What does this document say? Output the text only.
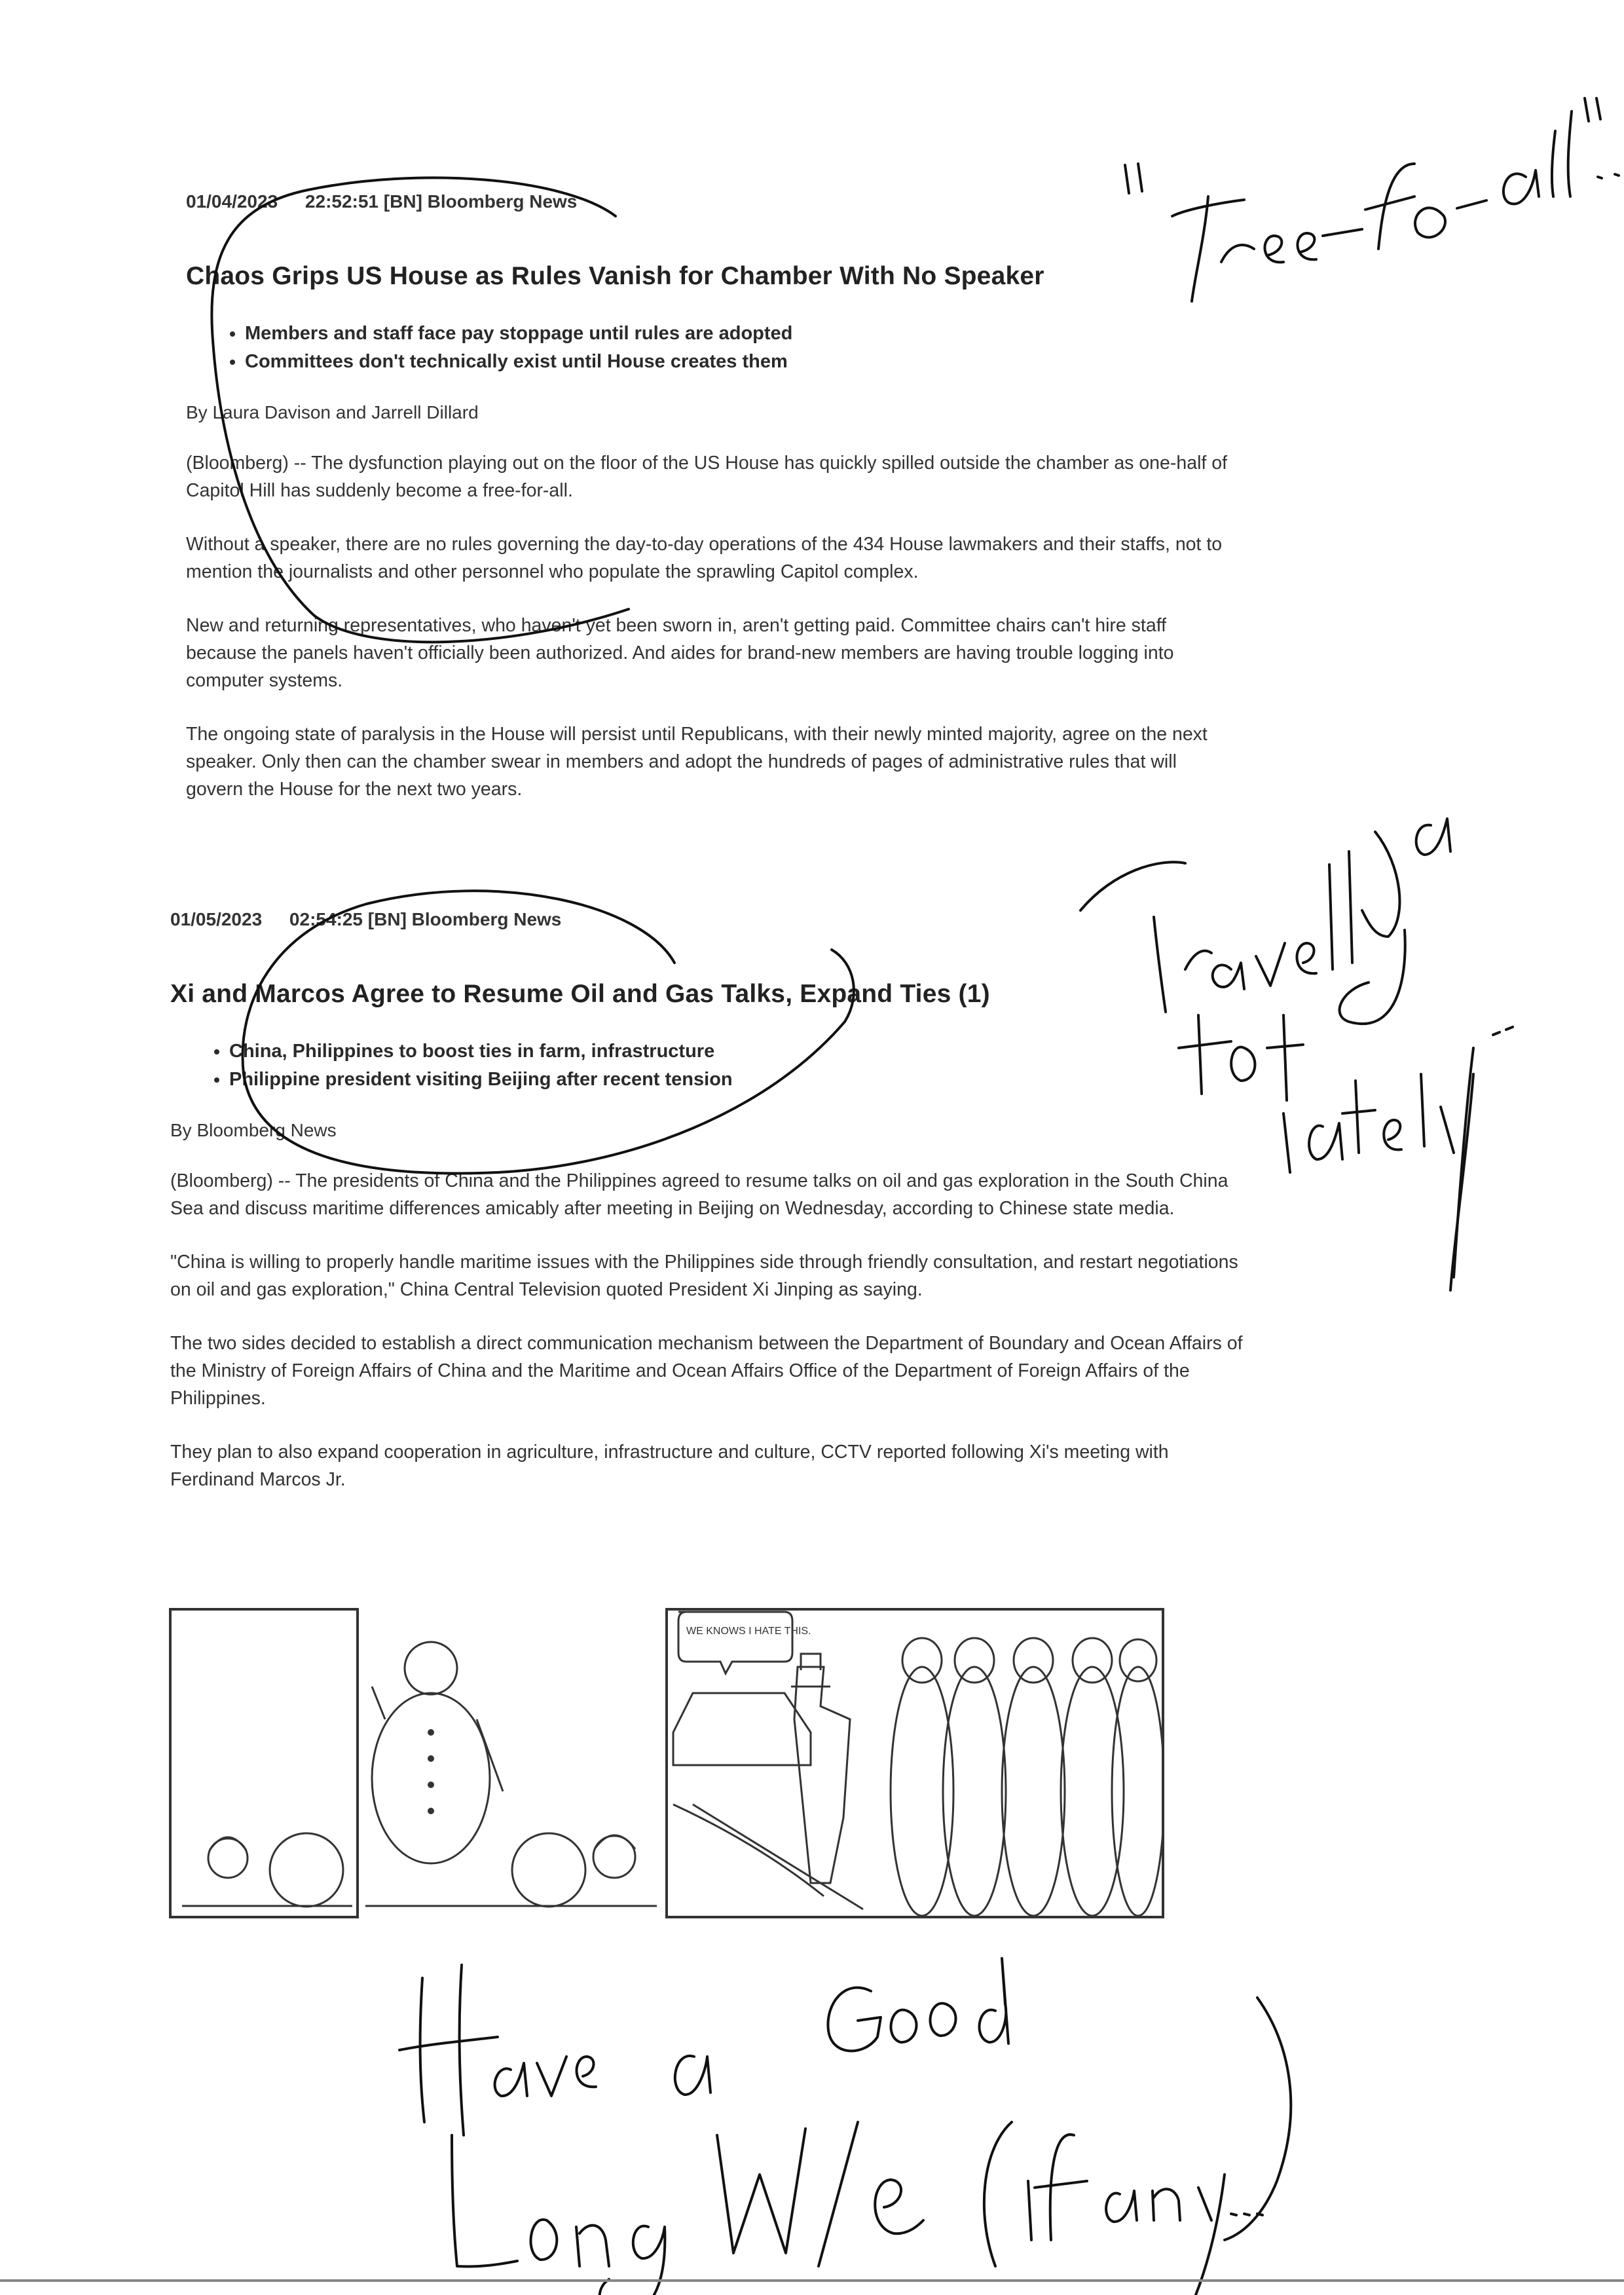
01/04/2023 22:52:51 [BN] Bloomberg News
Chaos Grips US House as Rules Vanish for Chamber With No Speaker
• Members and staff face pay stoppage until rules are adopted
• Committees don't technically exist until House creates them
By Laura Davison and Jarrell Dillard

(Bloomberg) -- The dysfunction playing out on the floor of the US House has quickly spilled outside the chamber as one-half of Capitol Hill has suddenly become a free-for-all.

Without a speaker, there are no rules governing the day-to-day operations of the 434 House lawmakers and their staffs, not to mention the journalists and other personnel who populate the sprawling Capitol complex.

New and returning representatives, who haven't yet been sworn in, aren't getting paid. Committee chairs can't hire staff because the panels haven't officially been authorized. And aides for brand-new members are having trouble logging into computer systems.

The ongoing state of paralysis in the House will persist until Republicans, with their newly minted majority, agree on the next speaker. Only then can the chamber swear in members and adopt the hundreds of pages of administrative rules that will govern the House for the next two years.

01/05/2023 02:54:25 [BN] Bloomberg News
Xi and Marcos Agree to Resume Oil and Gas Talks, Expand Ties (1)
• China, Philippines to boost ties in farm, infrastructure
• Philippine president visiting Beijing after recent tension
By Bloomberg News

(Bloomberg) -- The presidents of China and the Philippines agreed to resume talks on oil and gas exploration in the South China Sea and discuss maritime differences amicably after meeting in Beijing on Wednesday, according to Chinese state media.

"China is willing to properly handle maritime issues with the Philippines side through friendly consultation, and restart negotiations on oil and gas exploration," China Central Television quoted President Xi Jinping as saying.

The two sides decided to establish a direct communication mechanism between the Department of Boundary and Ocean Affairs of the Ministry of Foreign Affairs of China and the Maritime and Ocean Affairs Office of the Department of Foreign Affairs of the Philippines.

They plan to also expand cooperation in agriculture, infrastructure and culture, CCTV reported following Xi's meeting with Ferdinand Marcos Jr.

WE KNOWS I HATE THIS.
